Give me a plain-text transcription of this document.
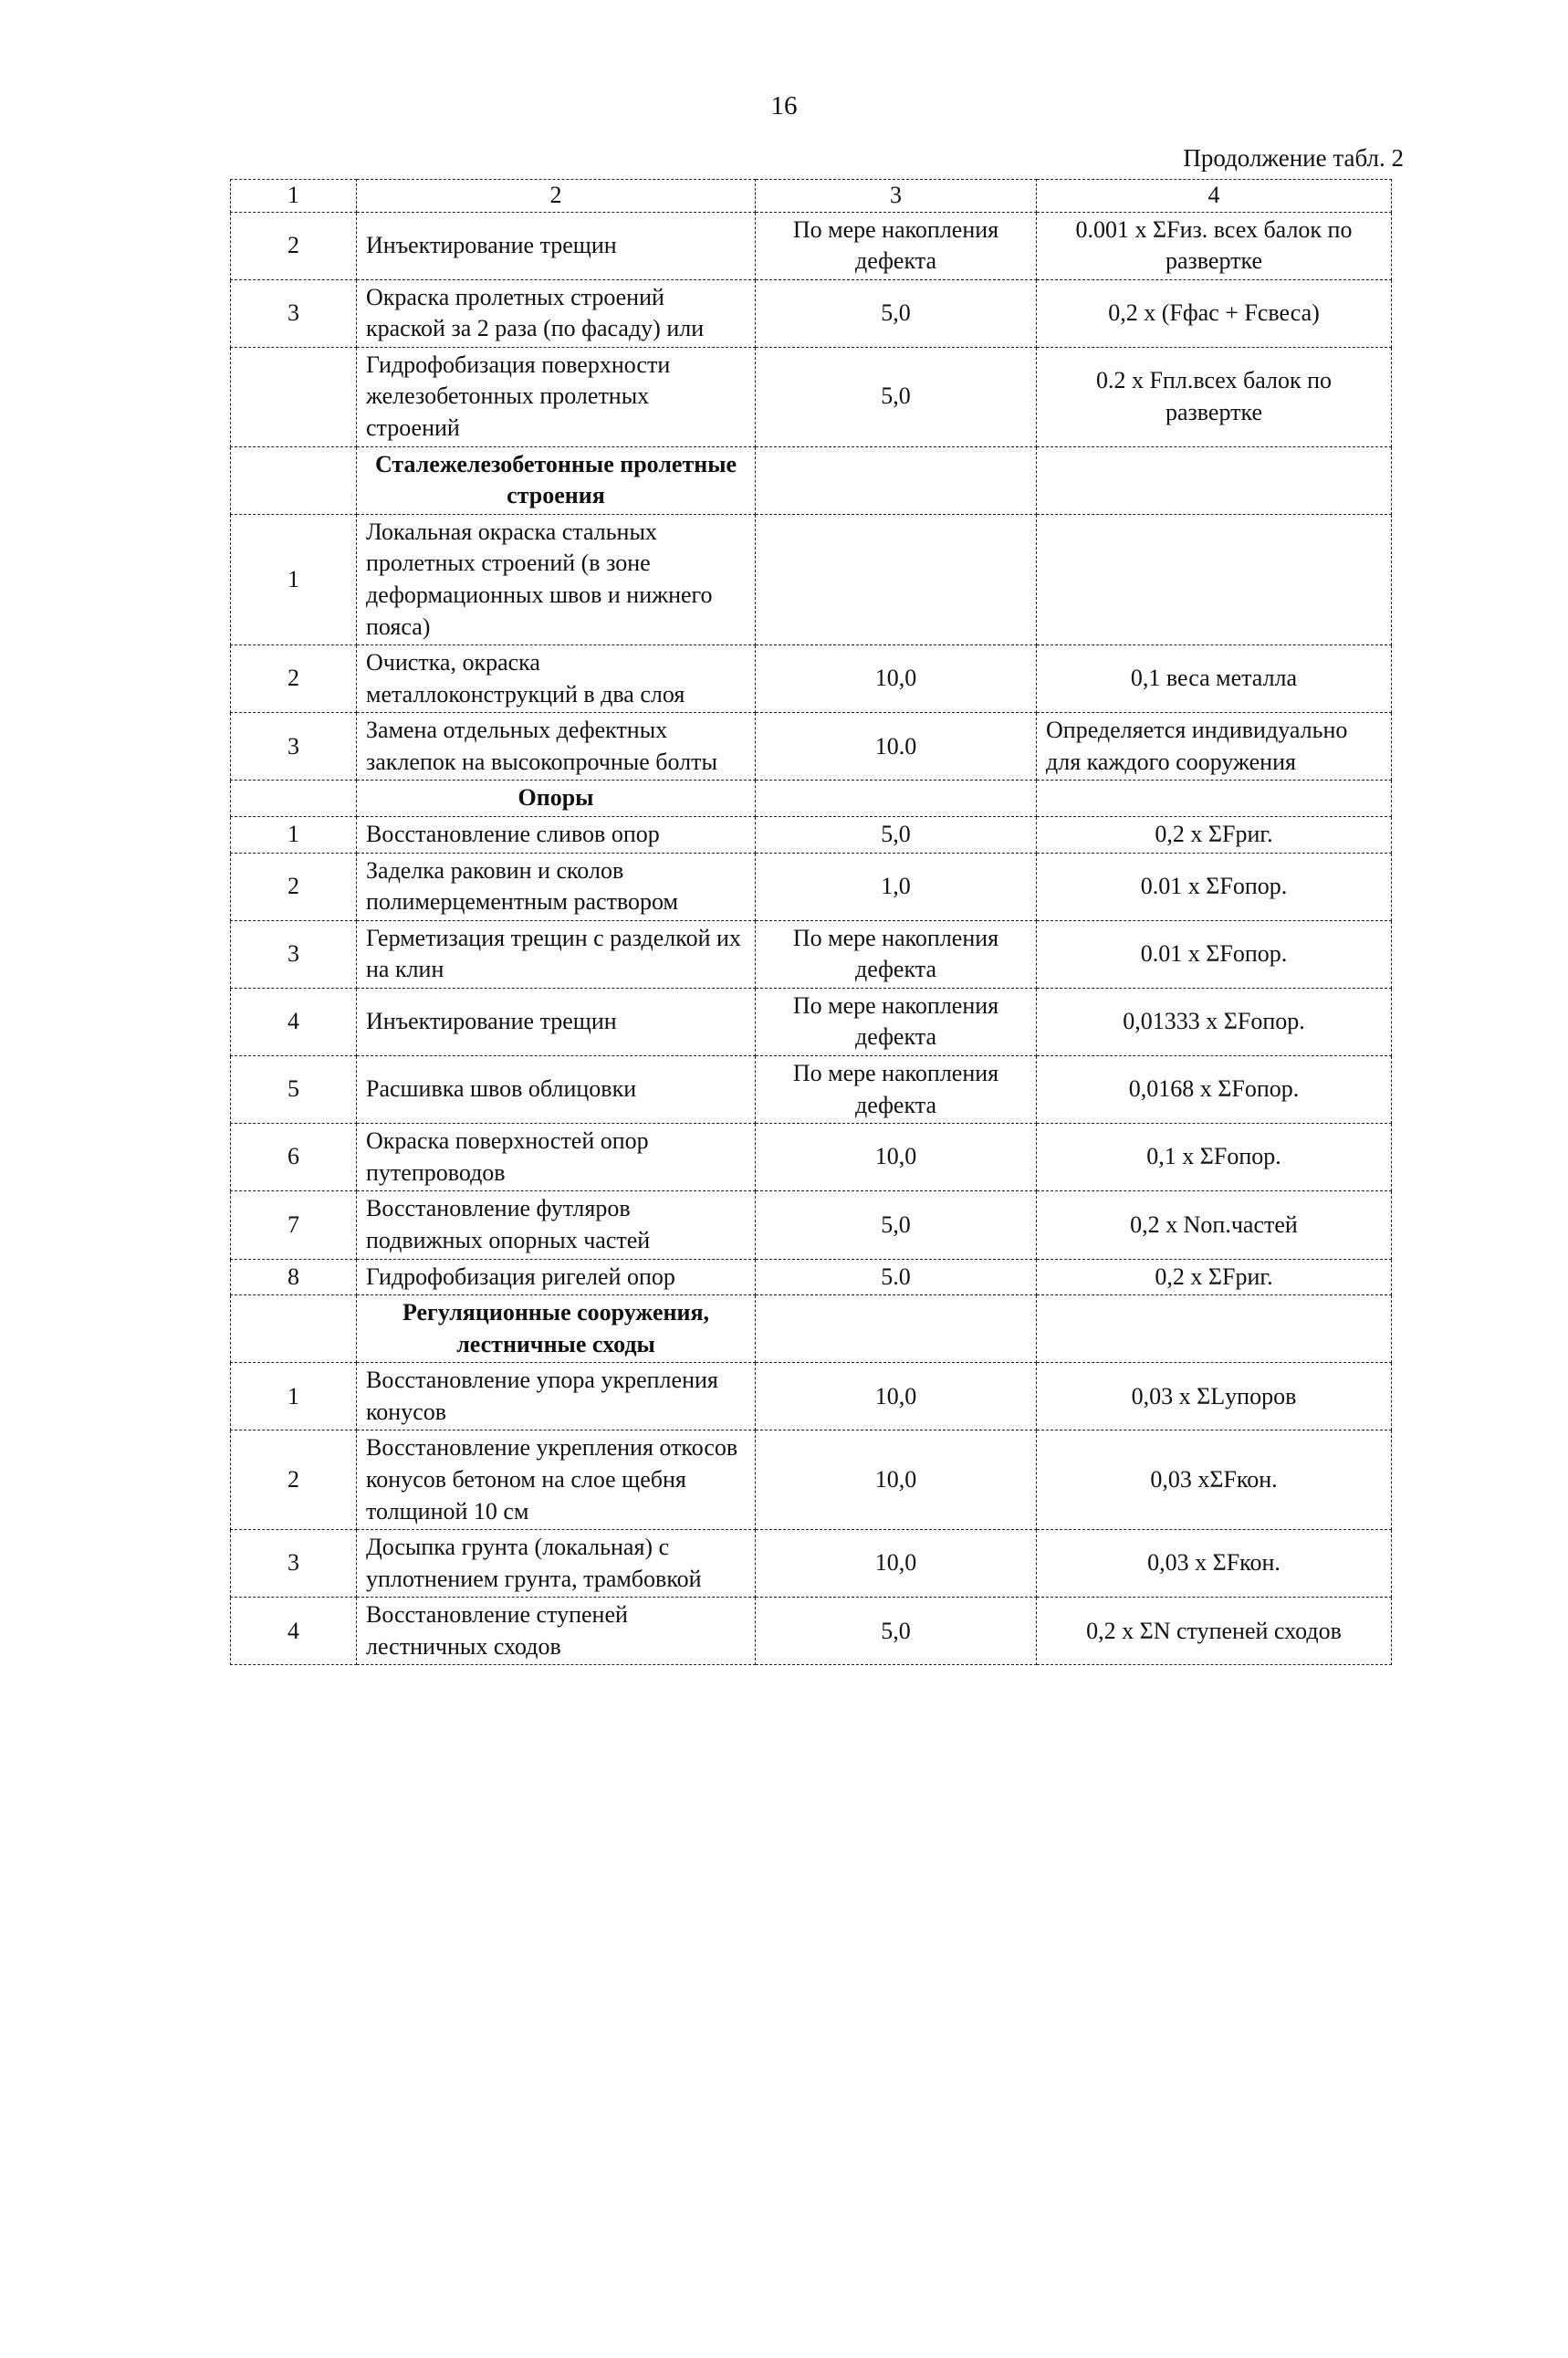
16
Продолжение табл. 2
1	2	3	4
2	Инъектирование трещин	По мере накопления дефекта	0.001 х ΣFиз. всех балок по развертке
3	Окраска пролетных строений краской за 2 раза (по фасаду) или	5,0	0,2 х (Fфас + Fсвеса)
	Гидрофобизация поверхности железобетонных пролетных строений	5,0	0.2 х Fпл.всех балок по развертке
	Сталежелезобетонные пролетные строения		
1	Локальная окраска стальных пролетных строений (в зоне деформационных швов и нижнего пояса)		
2	Очистка, окраска металлоконструкций в два слоя	10,0	0,1 веса металла
3	Замена отдельных дефектных заклепок на высокопрочные болты	10.0	Определяется индивидуально для каждого сооружения
	Опоры		
1	Восстановление сливов опор	5,0	0,2 х ΣFриг.
2	Заделка раковин и сколов полимерцементным раствором	1,0	0.01 х ΣFопор.
3	Герметизация трещин с разделкой их на клин	По мере накопления дефекта	0.01 х ΣFопор.
4	Инъектирование трещин	По мере накопления дефекта	0,01333 х ΣFопор.
5	Расшивка швов облицовки	По мере накопления дефекта	0,0168 х ΣFопор.
6	Окраска поверхностей опор путепроводов	10,0	0,1 х ΣFопор.
7	Восстановление футляров подвижных опорных частей	5,0	0,2 х Nоп.частей
8	Гидрофобизация ригелей опор	5.0	0,2 х ΣFриг.
	Регуляционные сооружения, лестничные сходы		
1	Восстановление упора укрепления конусов	10,0	0,03 х ΣLупоров
2	Восстановление укрепления откосов конусов бетоном на слое щебня толщиной 10 см	10,0	0,03 хΣFкон.
3	Досыпка грунта (локальная) с уплотнением грунта, трамбовкой	10,0	0,03 х ΣFкон.
4	Восстановление ступеней лестничных сходов	5,0	0,2 х ΣN ступеней сходов
